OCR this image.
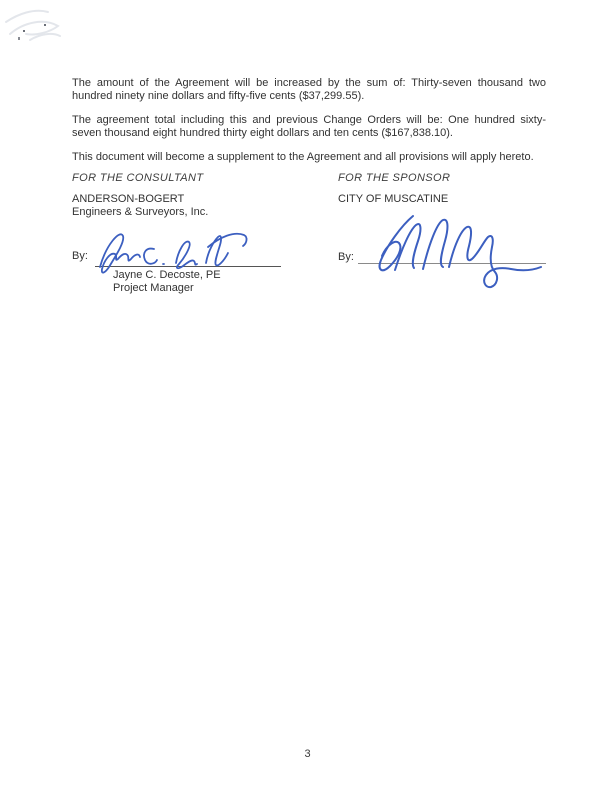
The amount of the Agreement will be increased by the sum of: Thirty-seven thousand two
hundred ninety nine dollars and fifty-five cents ($37,299.55).
The agreement total including this and previous Change Orders will be: One hundred sixty-
seven thousand eight hundred thirty eight dollars and ten cents ($167,838.10).
This document will become a supplement to the Agreement and all provisions will apply hereto.
FOR THE CONSULTANT
ANDERSON-BOGERT
Engineers & Surveyors, Inc.
By:
Jayne C. Decoste, PE
Project Manager
FOR THE SPONSOR
CITY OF MUSCATINE
By:
3
